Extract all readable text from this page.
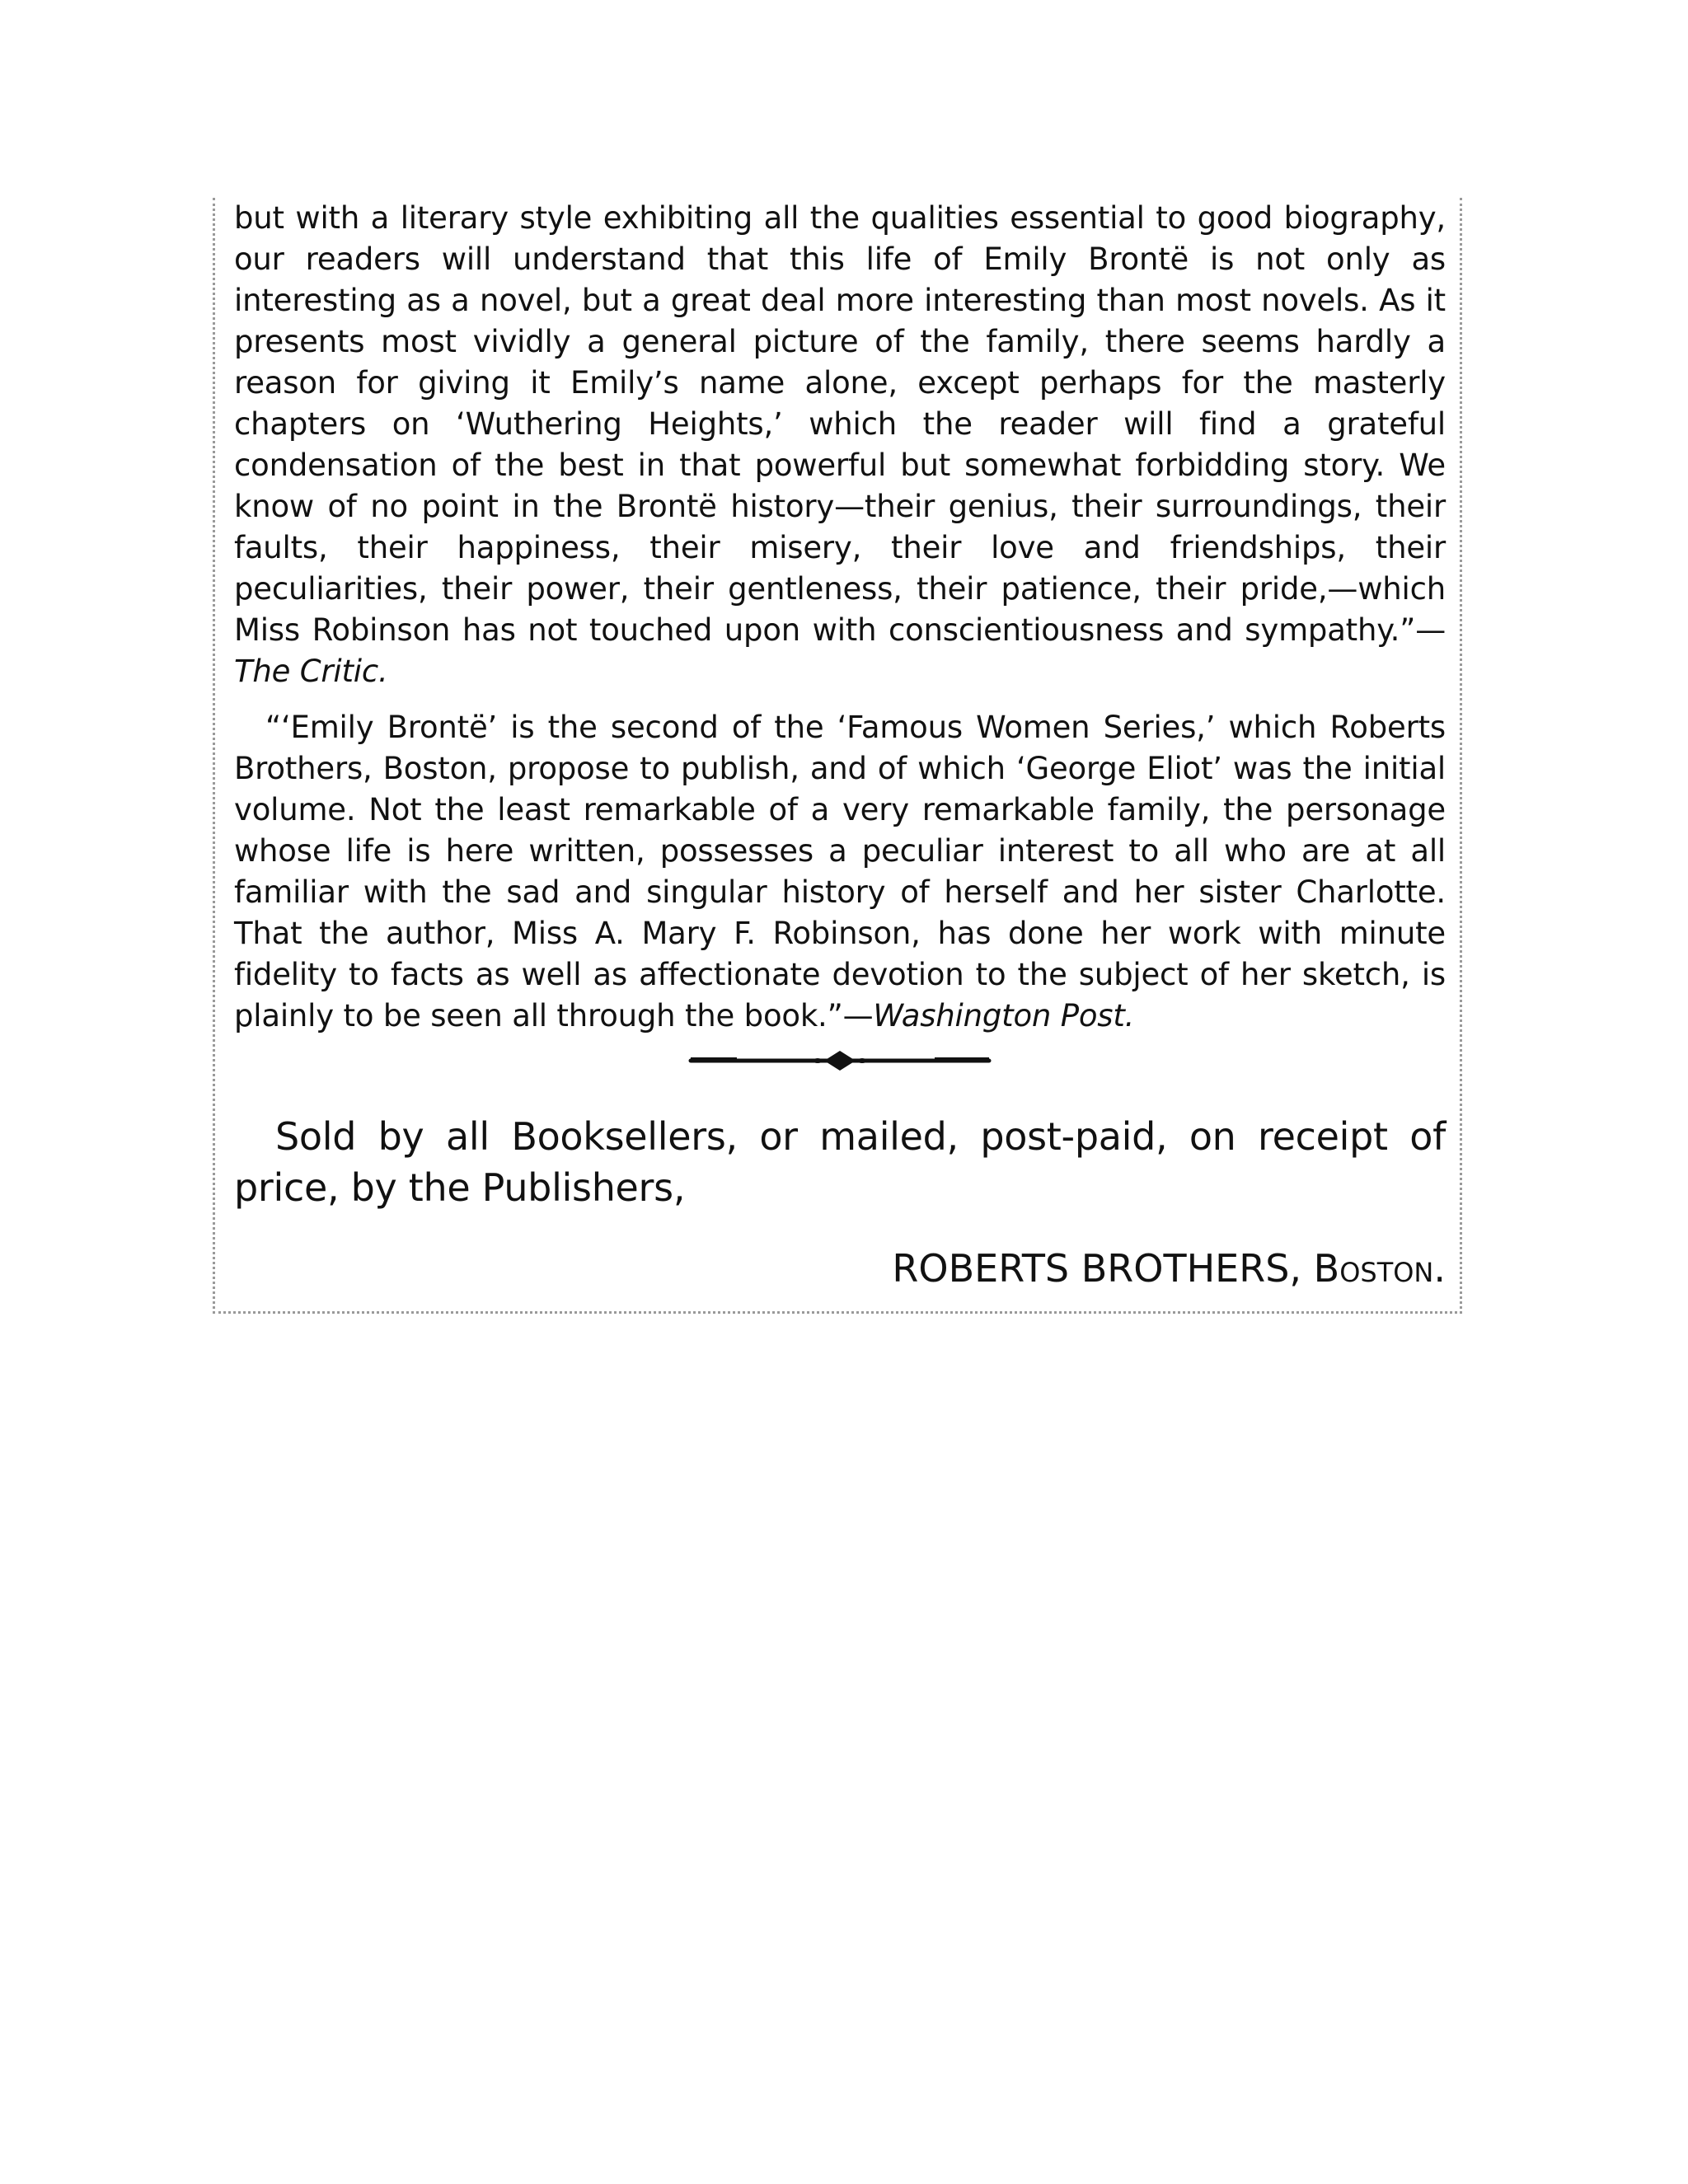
but with a literary style exhibiting all the qualities essential to good biography, our readers will understand that this life of Emily Brontë is not only as interesting as a novel, but a great deal more interesting than most novels. As it presents most vividly a general picture of the family, there seems hardly a reason for giving it Emily’s name alone, except perhaps for the masterly chapters on ‘Wuthering Heights,’ which the reader will find a grateful condensation of the best in that powerful but somewhat forbidding story. We know of no point in the Brontë history—their genius, their surroundings, their faults, their happiness, their misery, their love and friendships, their peculiarities, their power, their gentleness, their patience, their pride,—which Miss Robinson has not touched upon with conscientiousness and sympathy.”— The Critic.

“‘Emily Brontë’ is the second of the ‘Famous Women Series,’ which Roberts Brothers, Boston, propose to publish, and of which ‘George Eliot’ was the initial volume. Not the least remarkable of a very remarkable family, the personage whose life is here written, possesses a peculiar interest to all who are at all familiar with the sad and singular history of herself and her sister Charlotte. That the author, Miss A. Mary F. Robinson, has done her work with minute fidelity to facts as well as affectionate devotion to the subject of her sketch, is plainly to be seen all through the book.”—Washington Post.

Sold by all Booksellers, or mailed, post-paid, on receipt of price, by the Publishers,

ROBERTS BROTHERS, Boston.
